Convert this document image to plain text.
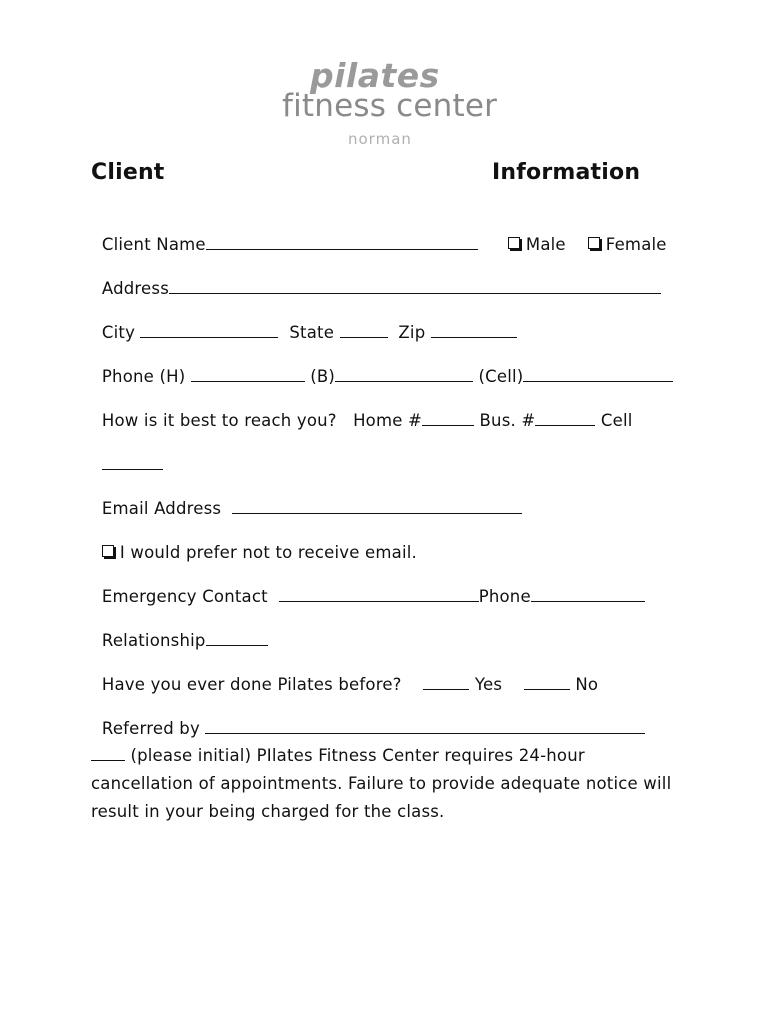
pilates
fitness center
norman
Client	Information

Client Name	Male Female

Address

City	State	Zip

Phone (H)	(B)	(Cell)

How is it best to reach you? Home #	Bus. #	Cell

Email Address

I would prefer not to receive email.

Emergency Contact	Phone

Relationship

Have you ever done Pilates before?	Yes	No

Referred by

(please initial) PIlates Fitness Center requires 24-hour cancellation of appointments. Failure to provide adequate notice will result in your being charged for the class.
